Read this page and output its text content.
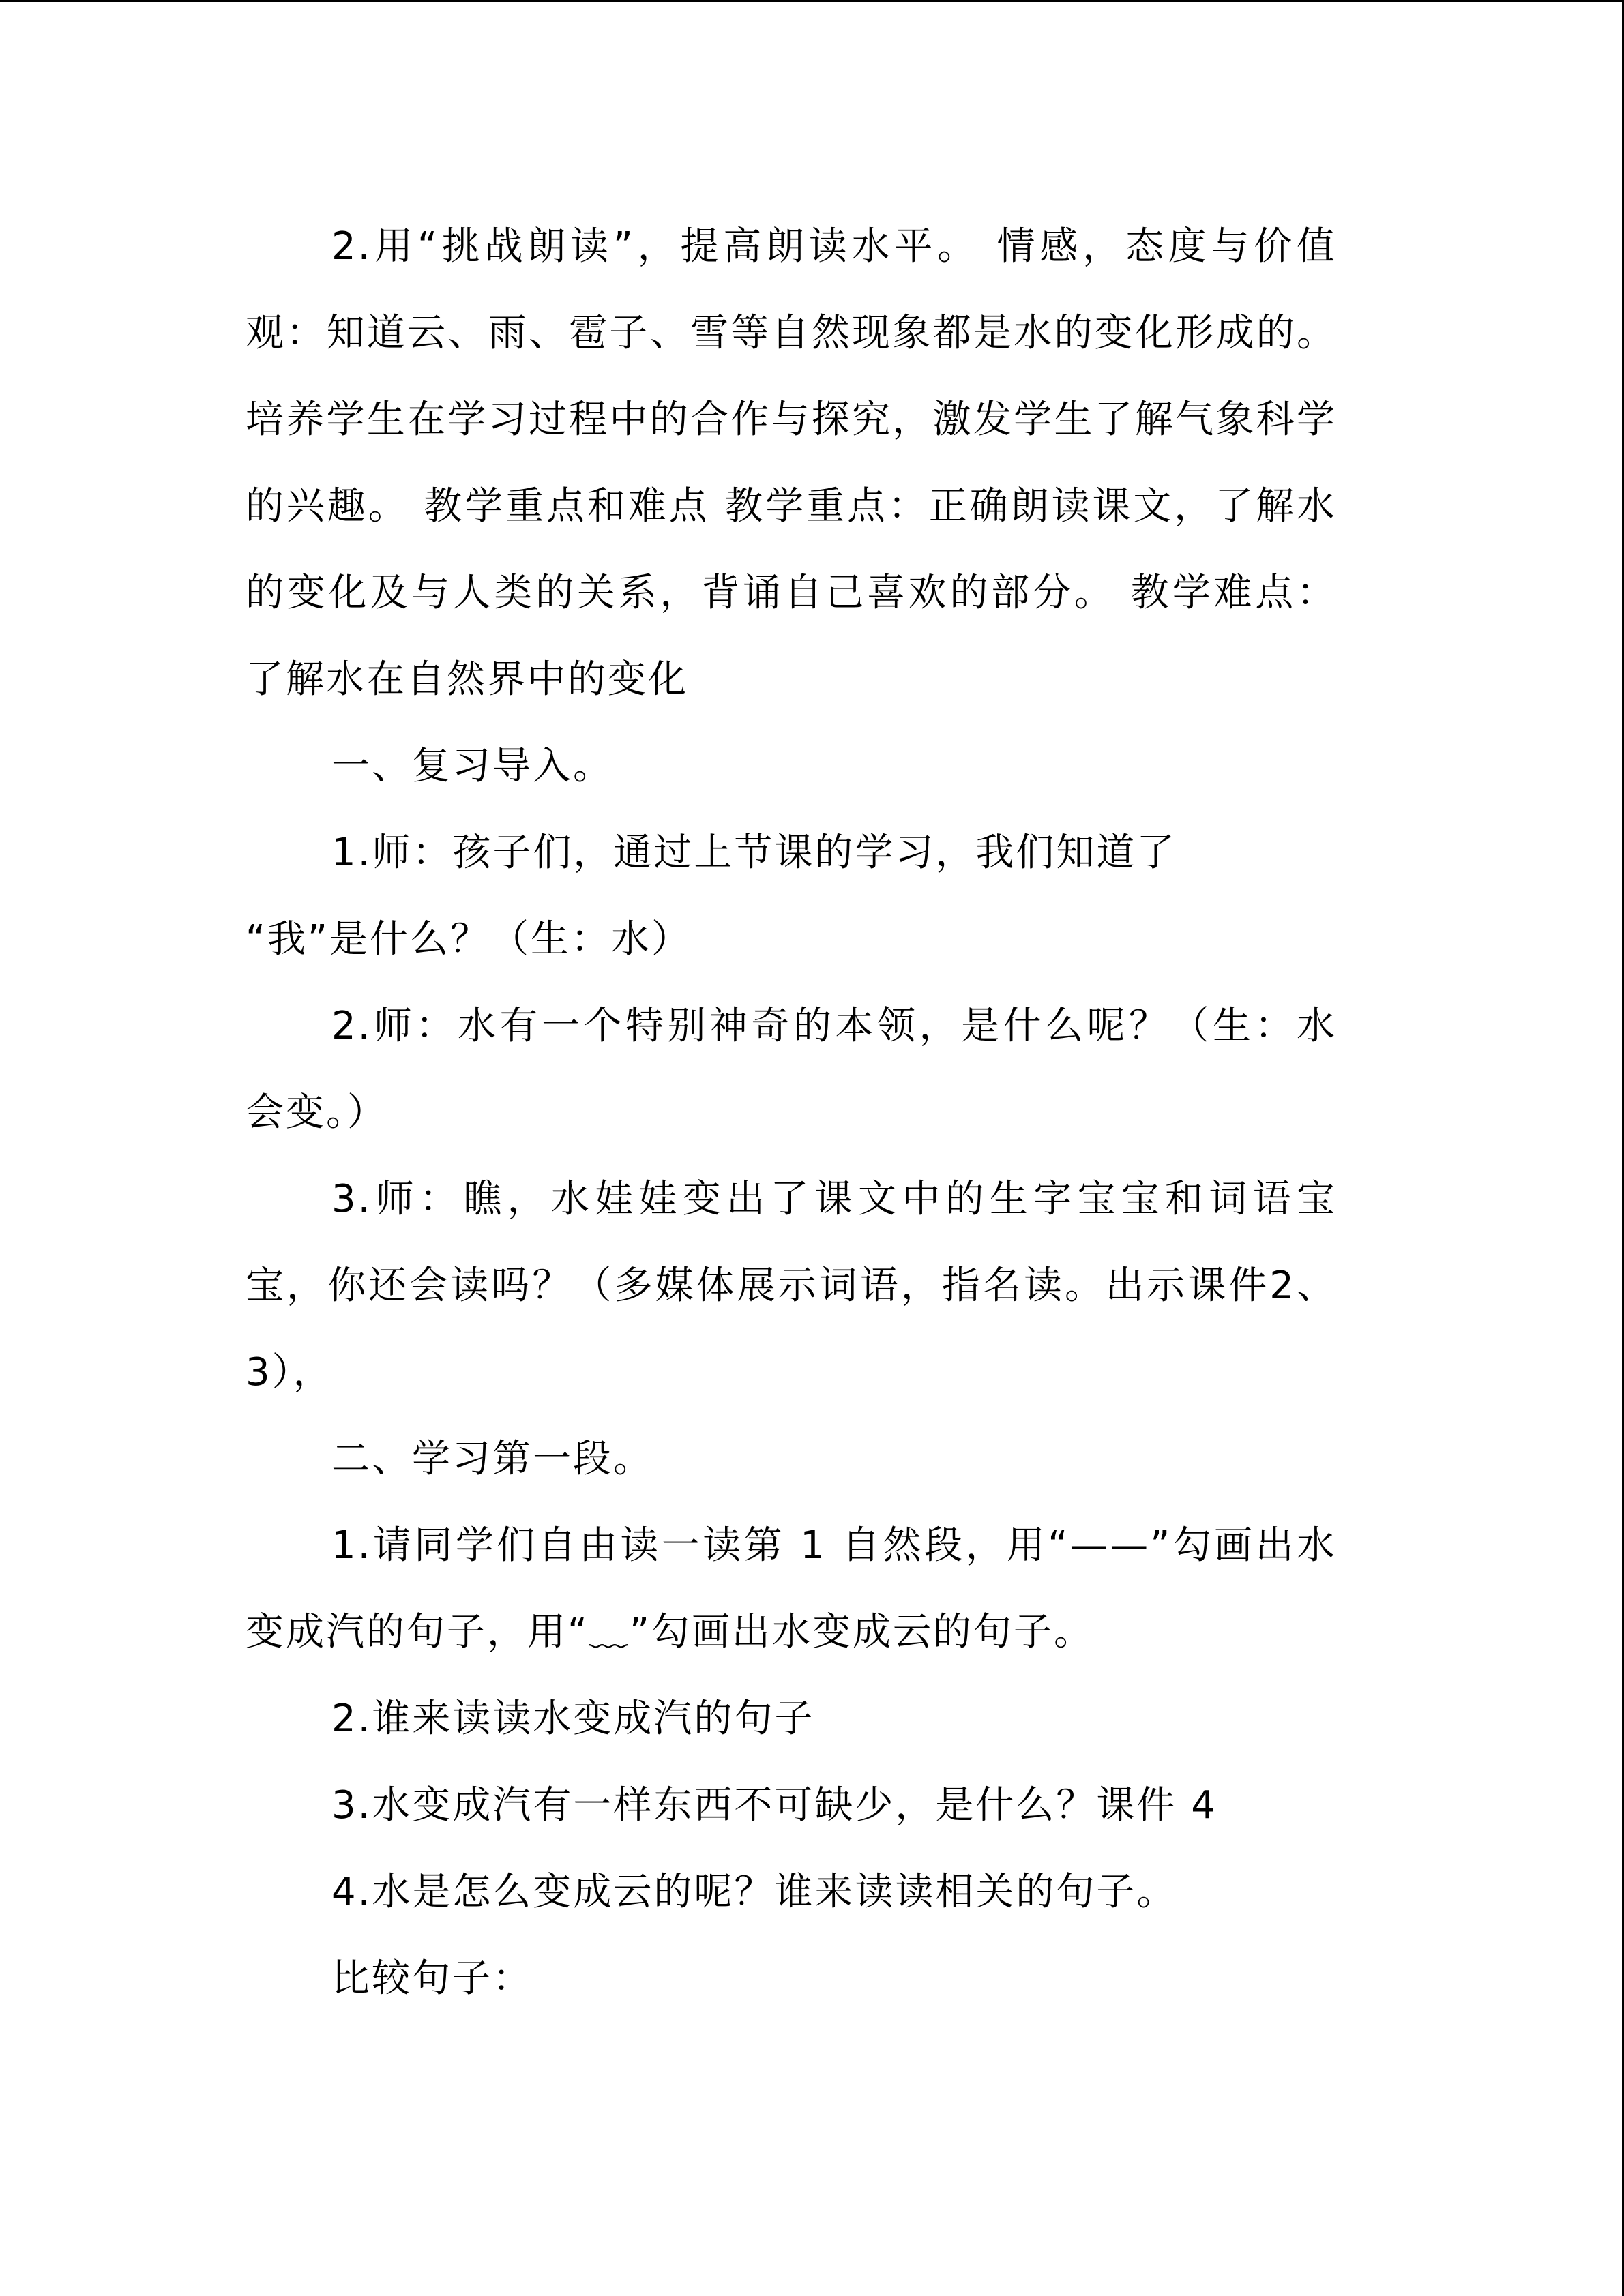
2.用“挑战朗读”，提高朗读水平。 情感，态度与价值观：知道云、雨、雹子、雪等自然现象都是水的变化形成的。培养学生在学习过程中的合作与探究，激发学生了解气象科学的兴趣。 教学重点和难点 教学重点：正确朗读课文，了解水的变化及与人类的关系，背诵自己喜欢的部分。 教学难点：了解水在自然界中的变化

一、复习导入。

1.师：孩子们，通过上节课的学习，我们知道了

“我”是什么？（生：水）

2.师：水有一个特别神奇的本领，是什么呢？（生：水会变。）

3.师：瞧，水娃娃变出了课文中的生字宝宝和词语宝宝，你还会读吗？（多媒体展示词语，指名读。出示课件2、3），

二、学习第一段。

1.请同学们自由读一读第 1 自然段，用“——”勾画出水变成汽的句子，用“﹏”勾画出水变成云的句子。

2.谁来读读水变成汽的句子

3.水变成汽有一样东西不可缺少，是什么？课件 4

4.水是怎么变成云的呢？谁来读读相关的句子。

比较句子：
